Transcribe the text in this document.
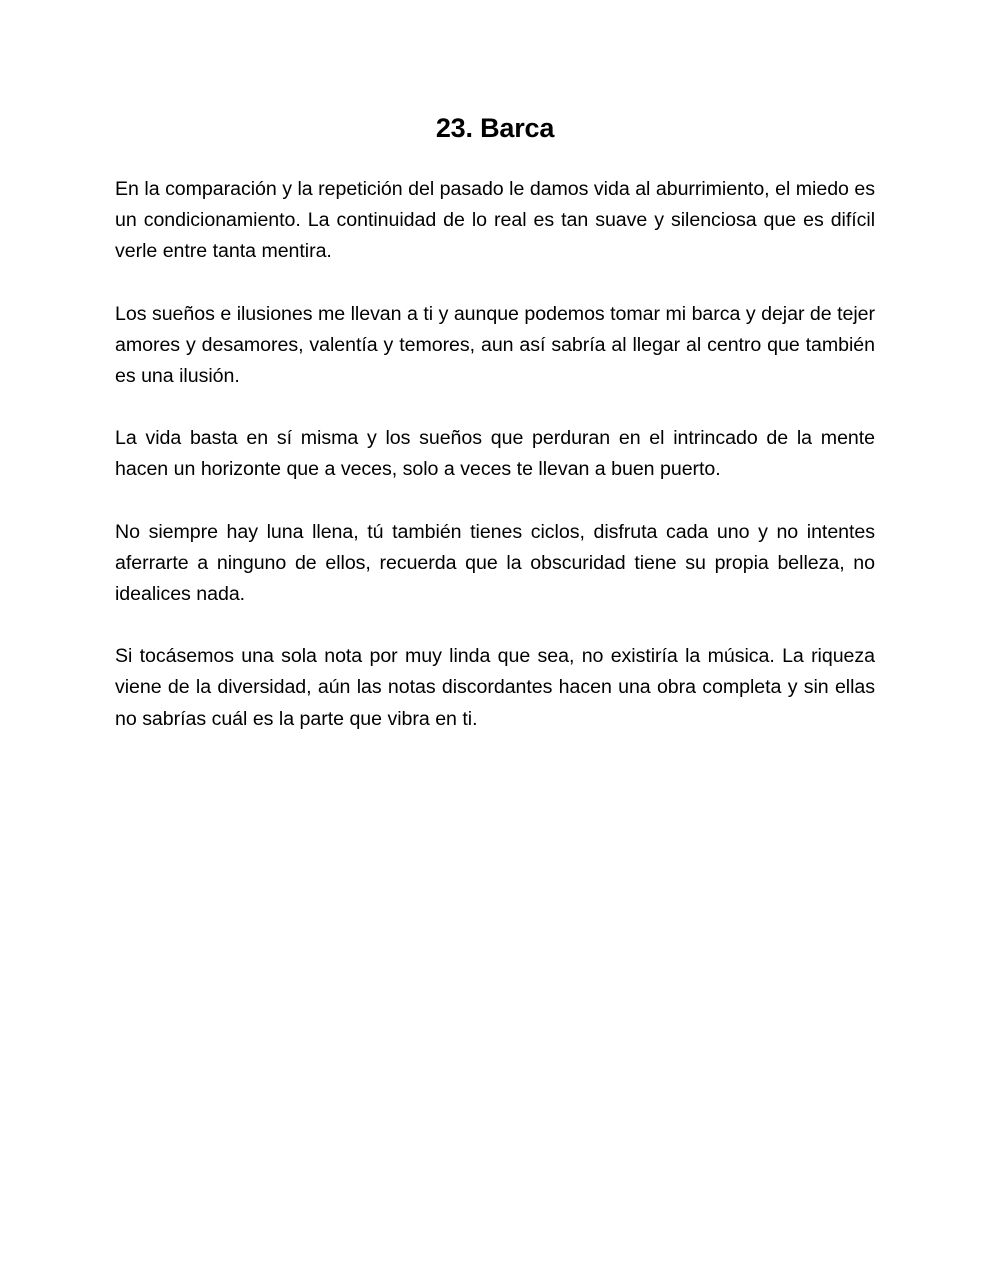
23. Barca

En la comparación y la repetición del pasado le damos vida al aburrimiento, el miedo es un condicionamiento. La continuidad de lo real es tan suave y silenciosa que es difícil verle entre tanta mentira.

Los sueños e ilusiones me llevan a ti y aunque podemos tomar mi barca y dejar de tejer amores y desamores, valentía y temores, aun así sabría al llegar al centro que también es una ilusión.

La vida basta en sí misma y los sueños que perduran en el intrincado de la mente hacen un horizonte que a veces, solo a veces te llevan a buen puerto.

No siempre hay luna llena, tú también tienes ciclos, disfruta cada uno y no intentes aferrarte a ninguno de ellos, recuerda que la obscuridad tiene su propia belleza, no idealices nada.

Si tocásemos una sola nota por muy linda que sea, no existiría la música. La riqueza viene de la diversidad, aún las notas discordantes hacen una obra completa y sin ellas no sabrías cuál es la parte que vibra en ti.
